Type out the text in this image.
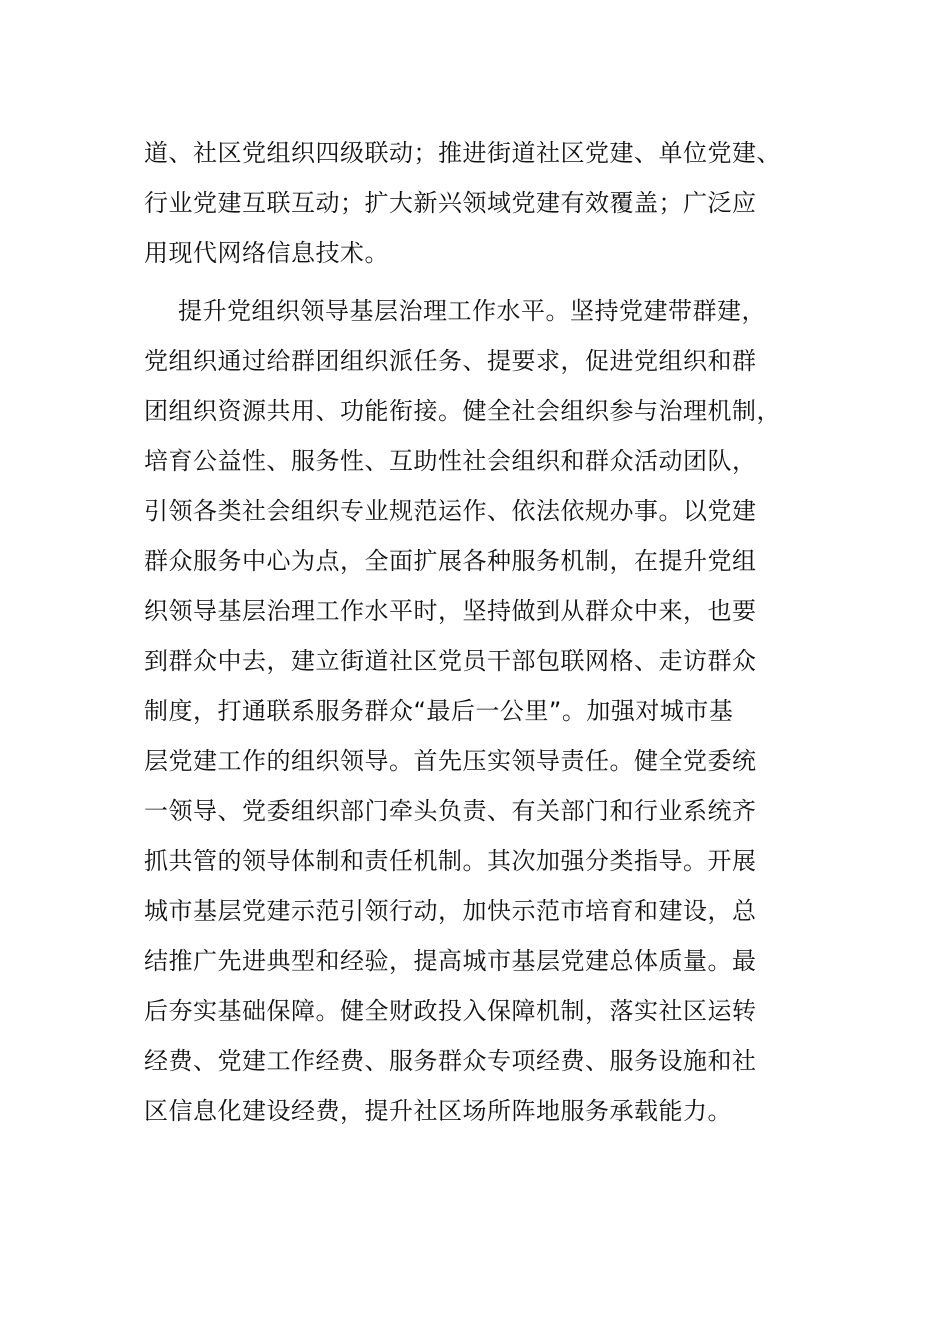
道、社区党组织四级联动；推进街道社区党建、单位党建、
行业党建互联互动；扩大新兴领域党建有效覆盖；广泛应
用现代网络信息技术。
提升党组织领导基层治理工作水平。坚持党建带群建，
党组织通过给群团组织派任务、提要求，促进党组织和群
团组织资源共用、功能衔接。健全社会组织参与治理机制，
培育公益性、服务性、互助性社会组织和群众活动团队，
引领各类社会组织专业规范运作、依法依规办事。以党建
群众服务中心为点，全面扩展各种服务机制，在提升党组
织领导基层治理工作水平时，坚持做到从群众中来，也要
到群众中去，建立街道社区党员干部包联网格、走访群众
制度，打通联系服务群众“最后一公里”。加强对城市基
层党建工作的组织领导。首先压实领导责任。健全党委统
一领导、党委组织部门牵头负责、有关部门和行业系统齐
抓共管的领导体制和责任机制。其次加强分类指导。开展
城市基层党建示范引领行动，加快示范市培育和建设，总
结推广先进典型和经验，提高城市基层党建总体质量。最
后夯实基础保障。健全财政投入保障机制，落实社区运转
经费、党建工作经费、服务群众专项经费、服务设施和社
区信息化建设经费，提升社区场所阵地服务承载能力。
